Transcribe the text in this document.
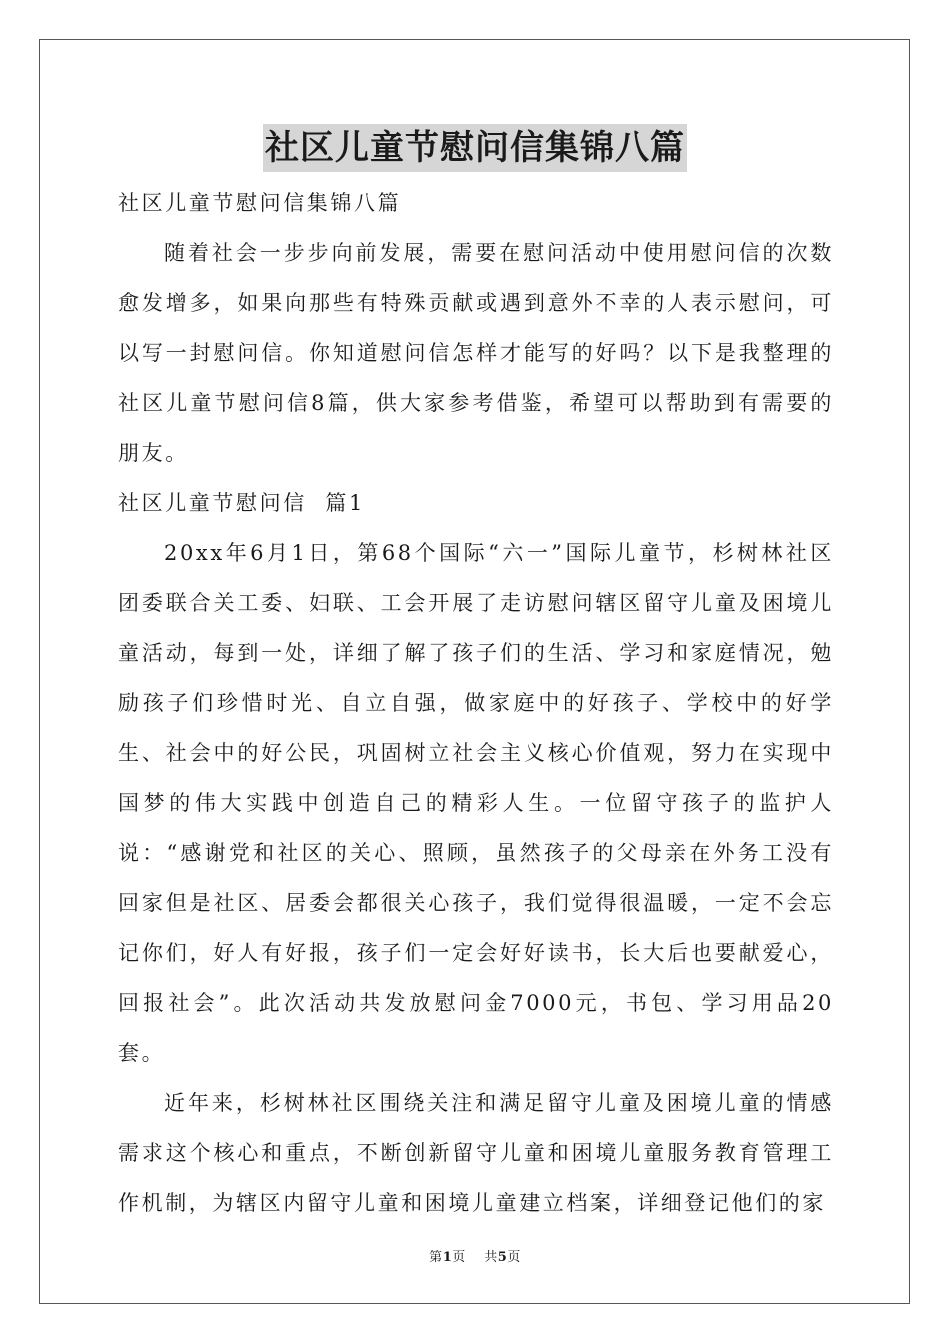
社区儿童节慰问信集锦八篇

社区儿童节慰问信集锦八篇

随着社会一步步向前发展，需要在慰问活动中使用慰问信的次数愈发增多，如果向那些有特殊贡献或遇到意外不幸的人表示慰问，可以写一封慰问信。你知道慰问信怎样才能写的好吗？以下是我整理的社区儿童节慰问信8篇，供大家参考借鉴，希望可以帮助到有需要的朋友。

社区儿童节慰问信  篇1

20xx年6月1日，第68个国际“六一”国际儿童节，杉树林社区团委联合关工委、妇联、工会开展了走访慰问辖区留守儿童及困境儿童活动，每到一处，详细了解了孩子们的生活、学习和家庭情况，勉励孩子们珍惜时光、自立自强，做家庭中的好孩子、学校中的好学生、社会中的好公民，巩固树立社会主义核心价值观，努力在实现中国梦的伟大实践中创造自己的精彩人生。一位留守孩子的监护人说：“感谢党和社区的关心、照顾，虽然孩子的父母亲在外务工没有回家但是社区、居委会都很关心孩子，我们觉得很温暖，一定不会忘记你们，好人有好报，孩子们一定会好好读书，长大后也要献爱心，回报社会”。此次活动共发放慰问金7000元，书包、学习用品20套。

近年来，杉树林社区围绕关注和满足留守儿童及困境儿童的情感需求这个核心和重点，不断创新留守儿童和困境儿童服务教育管理工作机制，为辖区内留守儿童和困境儿童建立档案，详细登记他们的家

第1页    共5页
